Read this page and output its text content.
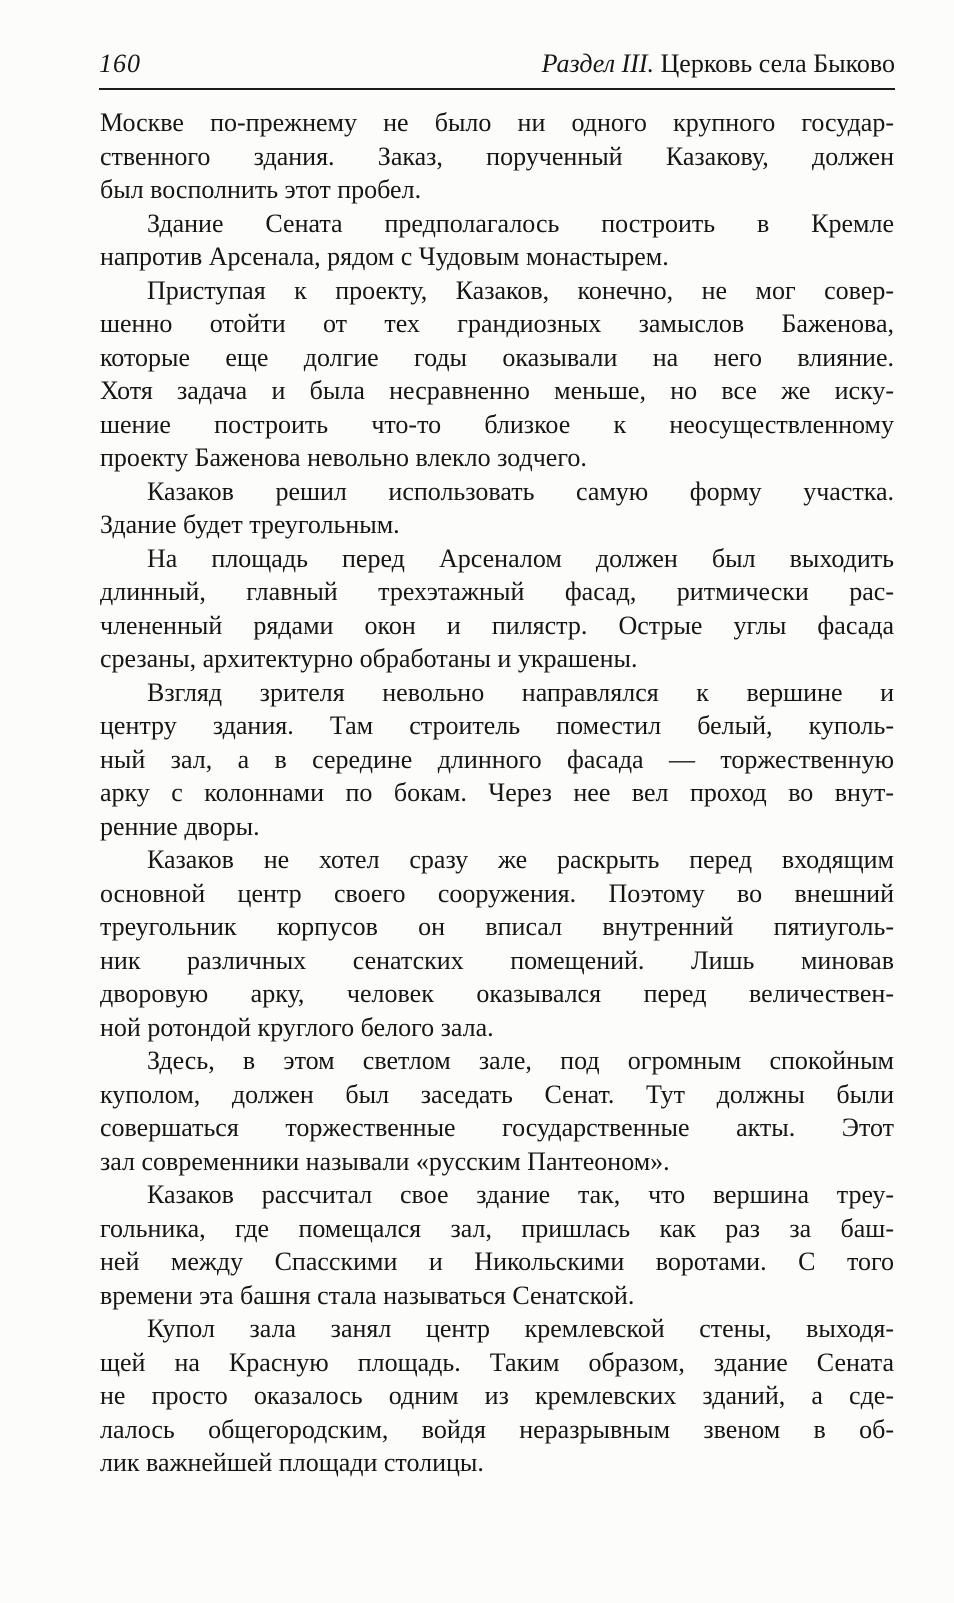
160	Раздел III. Церковь села Быково
Москве по-прежнему не было ни одного крупного государ-
ственного здания. Заказ, порученный Казакову, должен
был восполнить этот пробел.
Здание Сената предполагалось построить в Кремле
напротив Арсенала, рядом с Чудовым монастырем.
Приступая к проекту, Казаков, конечно, не мог совер-
шенно отойти от тех грандиозных замыслов Баженова,
которые еще долгие годы оказывали на него влияние.
Хотя задача и была несравненно меньше, но все же иску-
шение построить что-то близкое к неосуществленному
проекту Баженова невольно влекло зодчего.
Казаков решил использовать самую форму участка.
Здание будет треугольным.
На площадь перед Арсеналом должен был выходить
длинный, главный трехэтажный фасад, ритмически рас-
члененный рядами окон и пилястр. Острые углы фасада
срезаны, архитектурно обработаны и украшены.
Взгляд зрителя невольно направлялся к вершине и
центру здания. Там строитель поместил белый, куполь-
ный зал, а в середине длинного фасада — торжественную
арку с колоннами по бокам. Через нее вел проход во внут-
ренние дворы.
Казаков не хотел сразу же раскрыть перед входящим
основной центр своего сооружения. Поэтому во внешний
треугольник корпусов он вписал внутренний пятиуголь-
ник различных сенатских помещений. Лишь миновав
дворовую арку, человек оказывался перед величествен-
ной ротондой круглого белого зала.
Здесь, в этом светлом зале, под огромным спокойным
куполом, должен был заседать Сенат. Тут должны были
совершаться торжественные государственные акты. Этот
зал современники называли «русским Пантеоном».
Казаков рассчитал свое здание так, что вершина треу-
гольника, где помещался зал, пришлась как раз за баш-
ней между Спасскими и Никольскими воротами. С того
времени эта башня стала называться Сенатской.
Купол зала занял центр кремлевской стены, выходя-
щей на Красную площадь. Таким образом, здание Сената
не просто оказалось одним из кремлевских зданий, а сде-
лалось общегородским, войдя неразрывным звеном в об-
лик важнейшей площади столицы.
